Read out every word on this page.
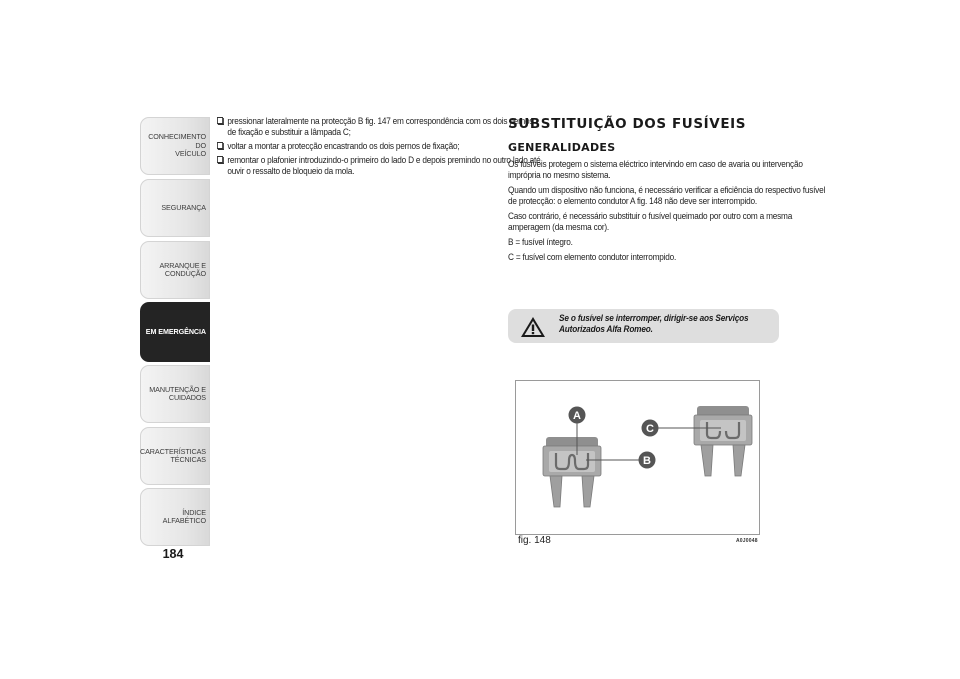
CONHECIMENTO DO
VEÍCULO
SEGURANÇA
ARRANQUE E
CONDUÇÃO
EM EMERGÊNCIA
MANUTENÇÃO E
CUIDADOS
CARACTERÍSTICAS
TÉCNICAS
ÍNDICE ALFABÉTICO
184
pressionar lateralmente na protecção B fig. 147 em correspondência com os dois pernos de fixação e substituir a lâmpada C;
voltar a montar a protecção encastrando os dois pernos de fixação;
remontar o plafonier introduzindo-o primeiro do lado D e depois premindo no outro lado até ouvir o ressalto de bloqueio da mola.
SUBSTITUIÇÃO DOS FUSÍVEIS
GENERALIDADES
Os fusíveis protegem o sistema eléctrico intervindo em caso de avaria ou intervenção imprópria no mesmo sistema.
Quando um dispositivo não funciona, é necessário verificar a eficiência do respectivo fusível de protecção: o elemento condutor A fig. 148 não deve ser interrompido.
Caso contrário, é necessário substituir o fusível queimado por outro com a mesma amperagem (da mesma cor).
B = fusível íntegro.
C = fusível com elemento condutor interrompido.
Se o fusível se interromper, dirigir-se aos Serviços Autorizados Alfa Romeo.
A
B
C
fig. 148	A0J0048
